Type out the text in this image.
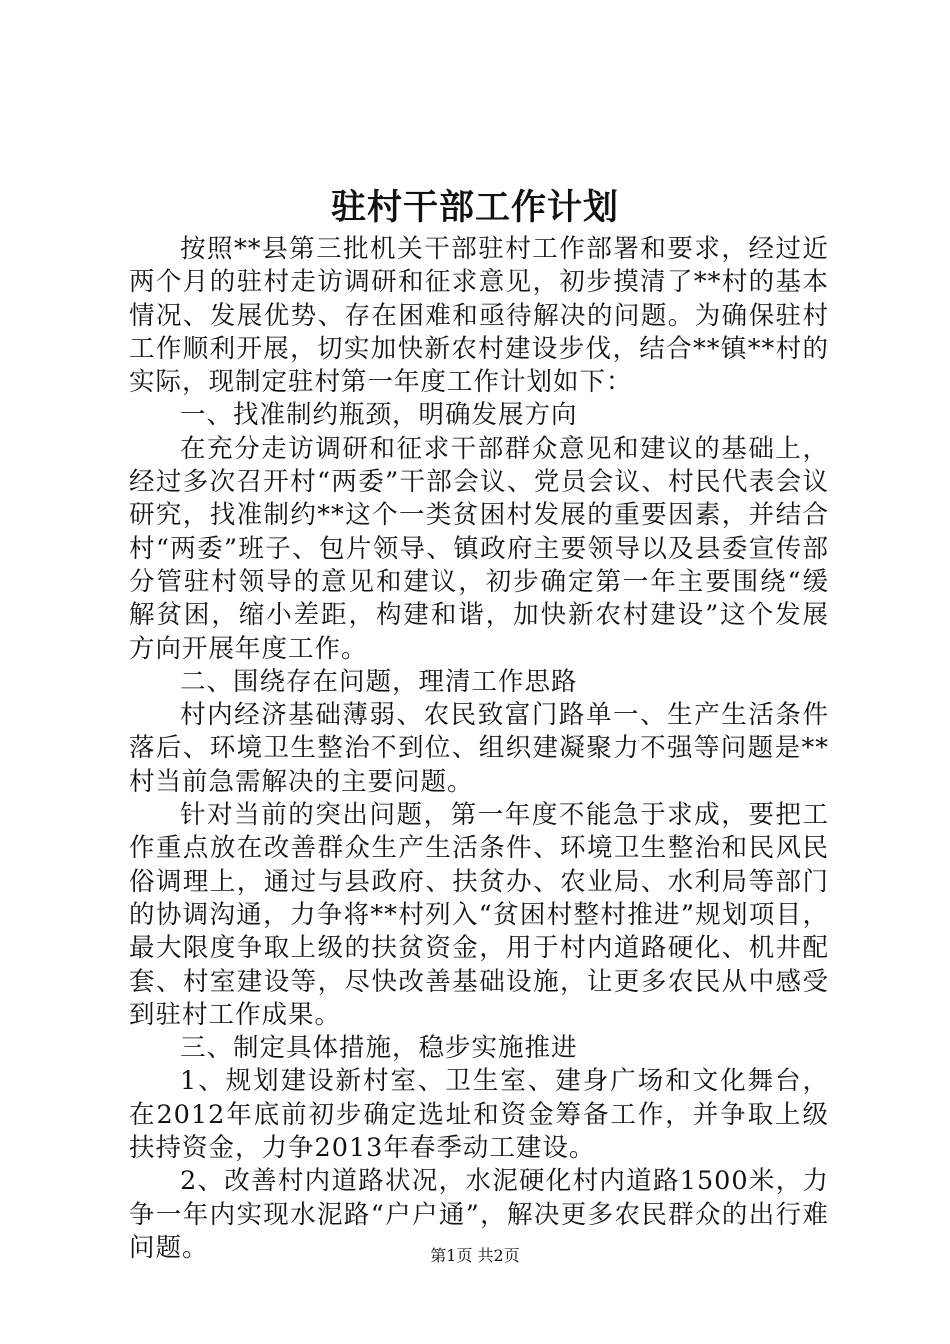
驻村干部工作计划

按照**县第三批机关干部驻村工作部署和要求，经过近两个月的驻村走访调研和征求意见，初步摸清了**村的基本情况、发展优势、存在困难和亟待解决的问题。为确保驻村工作顺利开展，切实加快新农村建设步伐，结合**镇**村的实际，现制定驻村第一年度工作计划如下：

一、找准制约瓶颈，明确发展方向

在充分走访调研和征求干部群众意见和建议的基础上，经过多次召开村“两委”干部会议、党员会议、村民代表会议研究，找准制约**这个一类贫困村发展的重要因素，并结合村“两委”班子、包片领导、镇政府主要领导以及县委宣传部分管驻村领导的意见和建议，初步确定第一年主要围绕“缓解贫困，缩小差距，构建和谐，加快新农村建设”这个发展方向开展年度工作。

二、围绕存在问题，理清工作思路

村内经济基础薄弱、农民致富门路单一、生产生活条件落后、环境卫生整治不到位、组织建凝聚力不强等问题是**村当前急需解决的主要问题。

针对当前的突出问题，第一年度不能急于求成，要把工作重点放在改善群众生产生活条件、环境卫生整治和民风民俗调理上，通过与县政府、扶贫办、农业局、水利局等部门的协调沟通，力争将**村列入“贫困村整村推进”规划项目，最大限度争取上级的扶贫资金，用于村内道路硬化、机井配套、村室建设等，尽快改善基础设施，让更多农民从中感受到驻村工作成果。

三、制定具体措施，稳步实施推进

1、规划建设新村室、卫生室、建身广场和文化舞台，在2012年底前初步确定选址和资金筹备工作，并争取上级扶持资金，力争2013年春季动工建设。

2、改善村内道路状况，水泥硬化村内道路1500米，力争一年内实现水泥路“户户通”，解决更多农民群众的出行难问题。	第1页 共2页
